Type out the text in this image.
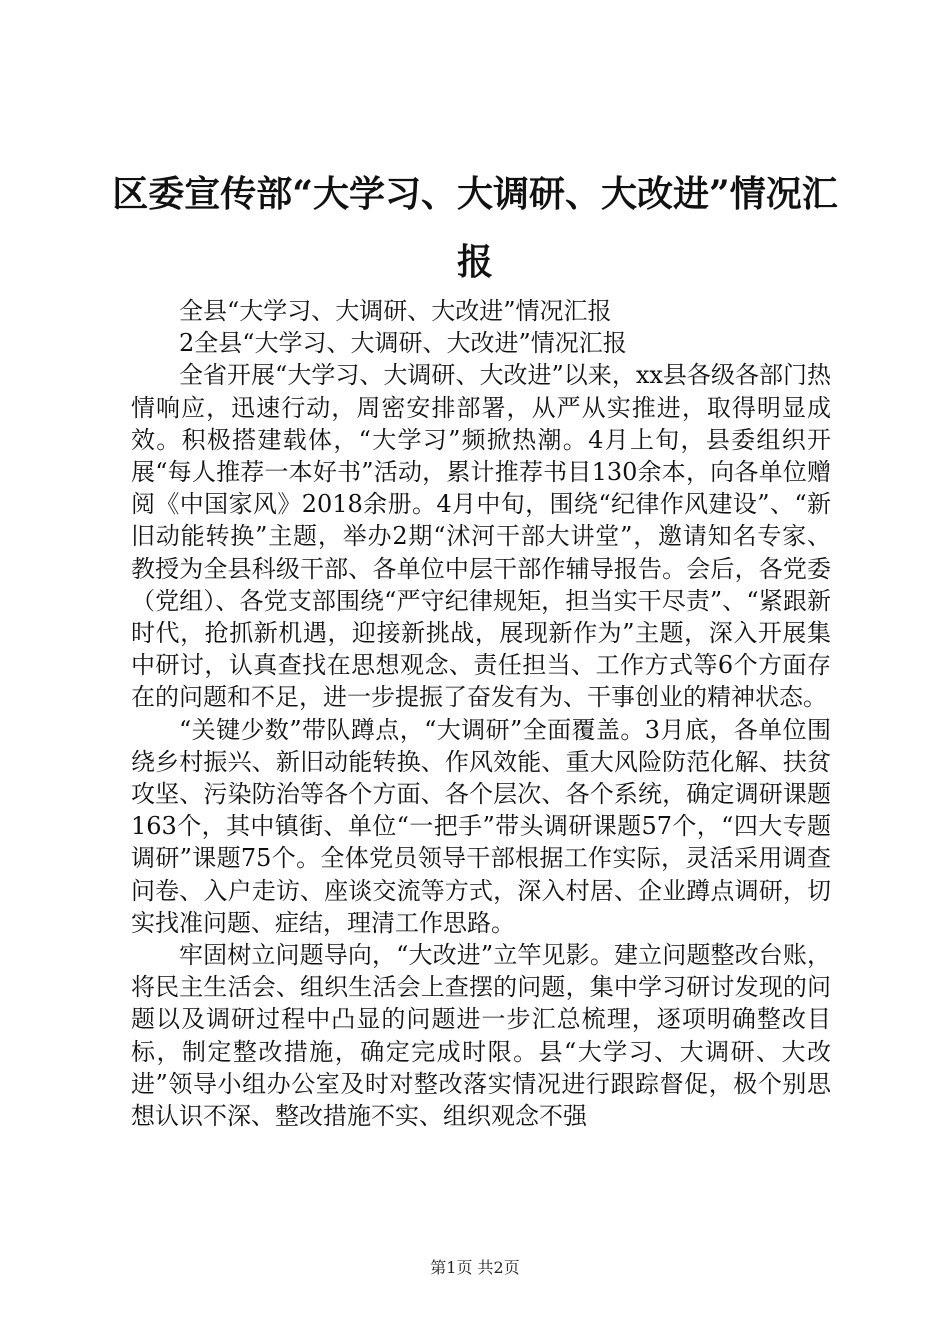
区委宣传部“大学习、大调研、大改进”情况汇报

全县“大学习、大调研、大改进”情况汇报

2全县“大学习、大调研、大改进”情况汇报

全省开展“大学习、大调研、大改进”以来，xx县各级各部门热情响应，迅速行动，周密安排部署，从严从实推进，取得明显成效。积极搭建载体，“大学习”频掀热潮。4月上旬，县委组织开展“每人推荐一本好书”活动，累计推荐书目130余本，向各单位赠阅《中国家风》2018余册。4月中旬，围绕“纪律作风建设”、“新旧动能转换”主题，举办2期“沭河干部大讲堂”，邀请知名专家、教授为全县科级干部、各单位中层干部作辅导报告。会后，各党委（党组）、各党支部围绕“严守纪律规矩，担当实干尽责”、“紧跟新时代，抢抓新机遇，迎接新挑战，展现新作为”主题，深入开展集中研讨，认真查找在思想观念、责任担当、工作方式等6个方面存在的问题和不足，进一步提振了奋发有为、干事创业的精神状态。

“关键少数”带队蹲点，“大调研”全面覆盖。3月底，各单位围绕乡村振兴、新旧动能转换、作风效能、重大风险防范化解、扶贫攻坚、污染防治等各个方面、各个层次、各个系统，确定调研课题163个，其中镇街、单位“一把手”带头调研课题57个，“四大专题调研”课题75个。全体党员领导干部根据工作实际，灵活采用调查问卷、入户走访、座谈交流等方式，深入村居、企业蹲点调研，切实找准问题、症结，理清工作思路。

牢固树立问题导向，“大改进”立竿见影。建立问题整改台账，将民主生活会、组织生活会上查摆的问题，集中学习研讨发现的问题以及调研过程中凸显的问题进一步汇总梳理，逐项明确整改目标，制定整改措施，确定完成时限。县“大学习、大调研、大改进”领导小组办公室及时对整改落实情况进行跟踪督促，极个别思想认识不深、整改措施不实、组织观念不强

第1页 共2页
